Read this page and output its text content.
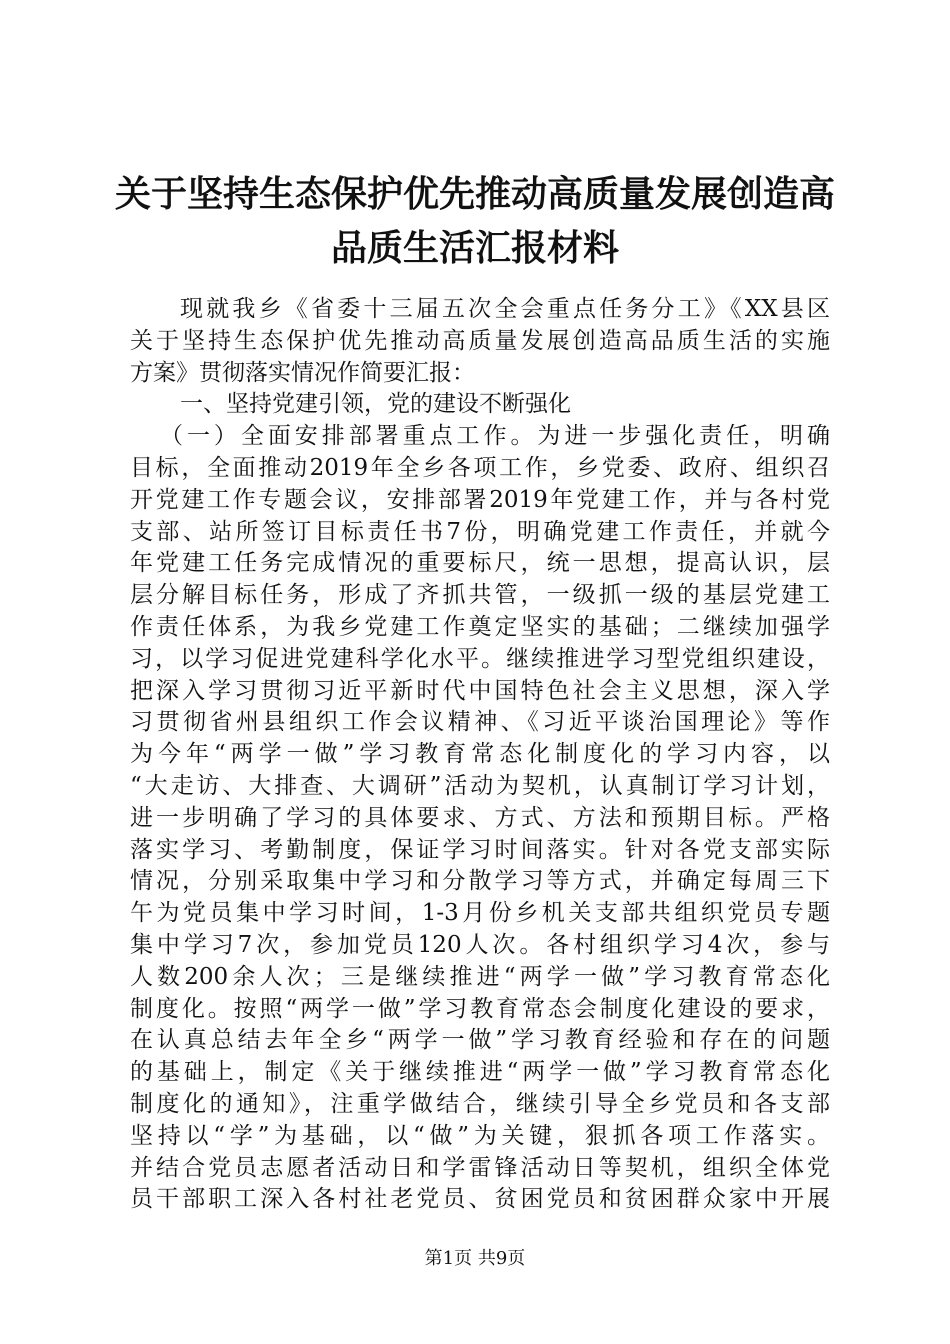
关于坚持生态保护优先推动高质量发展创造高
品质生活汇报材料
现就我乡《省委十三届五次全会重点任务分工》《XX县区
关于坚持生态保护优先推动高质量发展创造高品质生活的实施
方案》贯彻落实情况作简要汇报：
一、坚持党建引领，党的建设不断强化
（一）全面安排部署重点工作。为进一步强化责任，明确
目标，全面推动2019年全乡各项工作，乡党委、政府、组织召
开党建工作专题会议，安排部署2019年党建工作，并与各村党
支部、站所签订目标责任书7份，明确党建工作责任，并就今
年党建工任务完成情况的重要标尺，统一思想，提高认识，层
层分解目标任务，形成了齐抓共管，一级抓一级的基层党建工
作责任体系，为我乡党建工作奠定坚实的基础；二继续加强学
习，以学习促进党建科学化水平。继续推进学习型党组织建设，
把深入学习贯彻习近平新时代中国特色社会主义思想，深入学
习贯彻省州县组织工作会议精神、《习近平谈治国理论》等作
为今年“两学一做”学习教育常态化制度化的学习内容，以
“大走访、大排查、大调研”活动为契机，认真制订学习计划，
进一步明确了学习的具体要求、方式、方法和预期目标。严格
落实学习、考勤制度，保证学习时间落实。针对各党支部实际
情况，分别采取集中学习和分散学习等方式，并确定每周三下
午为党员集中学习时间，1-3月份乡机关支部共组织党员专题
集中学习7次，参加党员120人次。各村组织学习4次，参与
人数200余人次；三是继续推进“两学一做”学习教育常态化
制度化。按照“两学一做”学习教育常态会制度化建设的要求，
在认真总结去年全乡“两学一做”学习教育经验和存在的问题
的基础上，制定《关于继续推进“两学一做”学习教育常态化
制度化的通知》，注重学做结合，继续引导全乡党员和各支部
坚持以“学”为基础，以“做”为关键，狠抓各项工作落实。
并结合党员志愿者活动日和学雷锋活动日等契机，组织全体党
员干部职工深入各村社老党员、贫困党员和贫困群众家中开展
第1页 共9页
